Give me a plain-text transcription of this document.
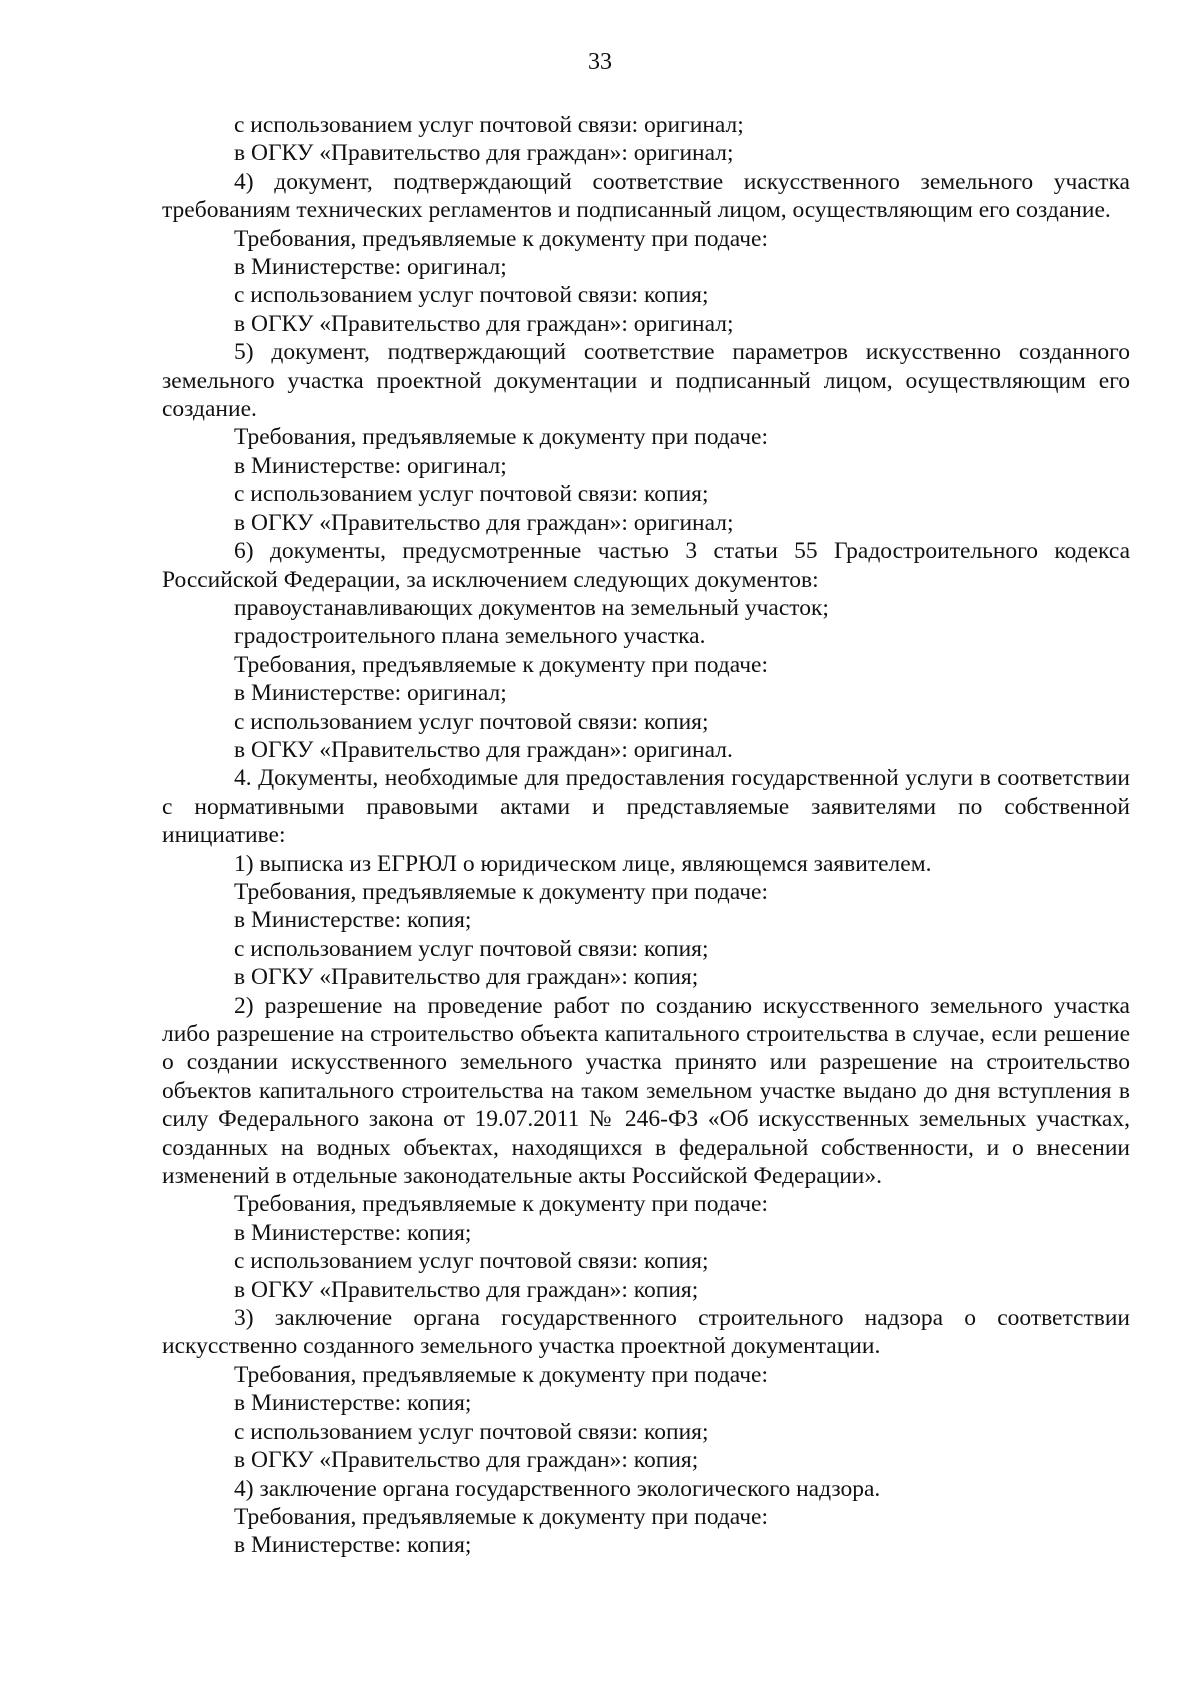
33

с использованием услуг почтовой связи: оригинал;

в ОГКУ «Правительство для граждан»: оригинал;

4) документ, подтверждающий соответствие искусственного земельного участка требованиям технических регламентов и подписанный лицом, осуществляющим его создание.

Требования, предъявляемые к документу при подаче:

в Министерстве: оригинал;

с использованием услуг почтовой связи: копия;

в ОГКУ «Правительство для граждан»: оригинал;

5) документ, подтверждающий соответствие параметров искусственно созданного земельного участка проектной документации и подписанный лицом, осуществляющим его создание.

Требования, предъявляемые к документу при подаче:

в Министерстве: оригинал;

с использованием услуг почтовой связи: копия;

в ОГКУ «Правительство для граждан»: оригинал;

6) документы, предусмотренные частью 3 статьи 55 Градостроительного кодекса Российской Федерации, за исключением следующих документов:

правоустанавливающих документов на земельный участок;

градостроительного плана земельного участка.

Требования, предъявляемые к документу при подаче:

в Министерстве: оригинал;

с использованием услуг почтовой связи: копия;

в ОГКУ «Правительство для граждан»: оригинал.

4. Документы, необходимые для предоставления государственной услуги в соответствии с нормативными правовыми актами и представляемые заявителями по собственной инициативе:

1) выписка из ЕГРЮЛ о юридическом лице, являющемся заявителем.

Требования, предъявляемые к документу при подаче:

в Министерстве: копия;

с использованием услуг почтовой связи: копия;

в ОГКУ «Правительство для граждан»: копия;

2) разрешение на проведение работ по созданию искусственного земельного участка либо разрешение на строительство объекта капитального строительства в случае, если решение о создании искусственного земельного участка принято или разрешение на строительство объектов капитального строительства на таком земельном участке выдано до дня вступления в силу Федерального закона от 19.07.2011 № 246-ФЗ «Об искусственных земельных участках, созданных на водных объектах, находящихся в федеральной собственности, и о внесении изменений в отдельные законодательные акты Российской Федерации».

Требования, предъявляемые к документу при подаче:

в Министерстве: копия;

с использованием услуг почтовой связи: копия;

в ОГКУ «Правительство для граждан»: копия;

3) заключение органа государственного строительного надзора о соответствии искусственно созданного земельного участка проектной документации.

Требования, предъявляемые к документу при подаче:

в Министерстве: копия;

с использованием услуг почтовой связи: копия;

в ОГКУ «Правительство для граждан»: копия;

4) заключение органа государственного экологического надзора.

Требования, предъявляемые к документу при подаче:

в Министерстве: копия;
